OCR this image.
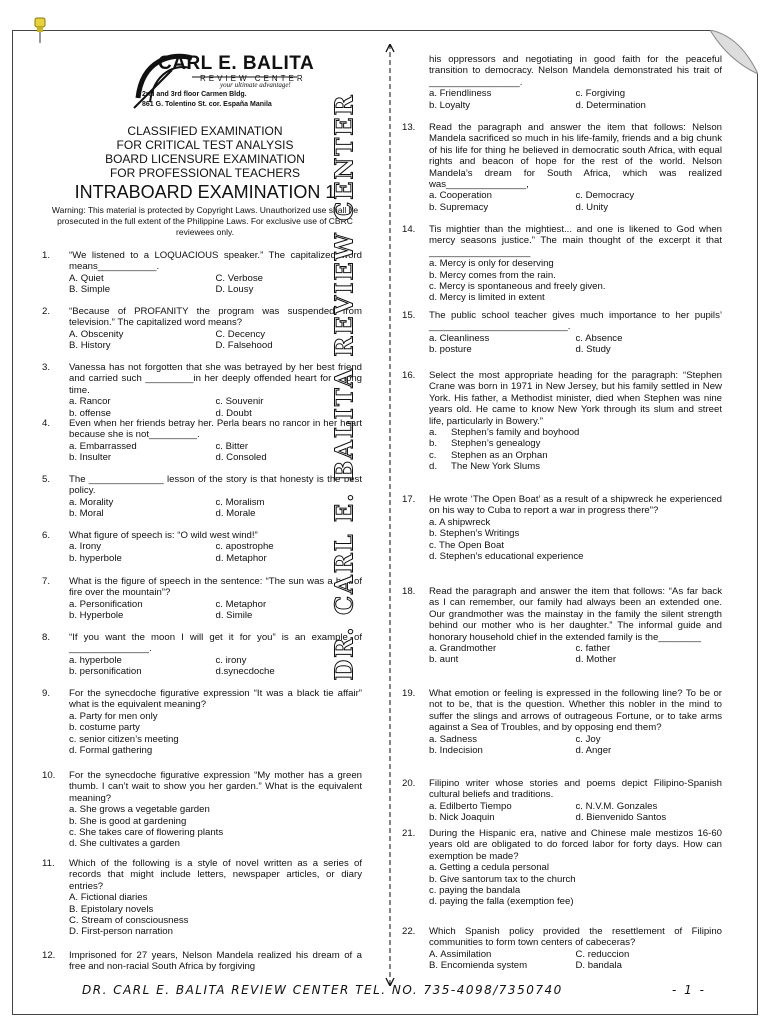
CARL E. BALITA
REVIEW CENTER
your ultimate advantage!
2nd and 3rd floor Carmen Bldg.
861 G. Tolentino St. cor. España Manila
CLASSIFIED EXAMINATION
FOR CRITICAL TEST ANALYSIS
BOARD LICENSURE EXAMINATION
FOR PROFESSIONAL TEACHERS
INTRABOARD EXAMINATION 1
Warning: This material is protected by Copyright Laws. Unauthorized use shall be prosecuted in the full extent of the Philippine Laws. For exclusive use of CBRC reviewees only.
1.	“We listened to a LOQUACIOUS speaker.” The capitalized word means___________.
A. Quiet	C. Verbose
B. Simple	D. Lousy
2.	“Because of PROFANITY the program was suspended from television.” The capitalized word means?
A. Obscenity	C. Decency
B. History	D. Falsehood
3.	Vanessa has not forgotten that she was betrayed by her best friend and carried such _________in her deeply offended heart for a long time.
a. Rancor	c. Souvenir
b. offense	d. Doubt
4.	Even when her friends betray her. Perla bears no rancor in her heart because she is not_________.
a. Embarrassed	c. Bitter
b. Insulter	d. Consoled
5.	The ______________ lesson of the story is that honesty is the best policy.
a. Morality	c. Moralism
b. Moral	d. Morale
6.	What figure of speech is: “O wild west wind!”
a. Irony	c. apostrophe
b. hyperbole	d. Metaphor
7.	What is the figure of speech in the sentence: “The sun was a ball of fire over the mountain”?
a. Personification	c. Metaphor
b. Hyperbole	d. Simile
8.	“If you want the moon I will get it for you” is an example of _______________.
a. hyperbole	c. irony
b. personification	d.synecdoche
9.	For the synecdoche figurative expression “It was a black tie affair” what is the equivalent meaning?
a. Party for men only
b. costume party
c. senior citizen’s meeting
d. Formal gathering
10.	For the synecdoche figurative expression “My mother has a green thumb. I can’t wait to show you her garden.” What is the equivalent meaning?
a. She grows a vegetable garden
b. She is good at gardening
c. She takes care of flowering plants
d. She cultivates a garden
11.	Which of the following is a style of novel written as a series of records that might include letters, newspaper articles, or diary entries?
A. Fictional diaries
B. Epistolary novels
C. Stream of consciousness
D. First-person narration
12.	Imprisoned for 27 years, Nelson Mandela realized his dream of a free and non-racial South Africa by forgiving
his oppressors and negotiating in good faith for the peaceful transition to democracy. Nelson Mandela demonstrated his trait of _________________.
a. Friendliness	c. Forgiving
b. Loyalty	d. Determination
13.	Read the paragraph and answer the item that follows: Nelson Mandela sacrificed so much in his life-family, friends and a big chunk of his life for thing he believed in democratic south Africa, with equal rights and beacon of hope for the rest of the world. Nelson Mandela’s dream for South Africa, which was realized was_______________,
a. Cooperation	c. Democracy
b. Supremacy	d. Unity
14.	Tis mightier than the mightiest... and one is likened to God when mercy seasons justice.” The main thought of the excerpt it that ___________________
a. Mercy is only for deserving
b. Mercy comes from the rain.
c. Mercy is spontaneous and freely given.
d. Mercy is limited in extent
15.	The public school teacher gives much importance to her pupils’ __________________________.
a. Cleanliness	c. Absence
b. posture	d. Study
16.	Select the most appropriate heading for the paragraph: “Stephen Crane was born in 1971 in New Jersey, but his family settled in New York. His father, a Methodist minister, died when Stephen was nine years old. He came to know New York through its slum and street life, particularly in Bowery.”
a.	Stephen’s family and boyhood
b.	Stephen’s genealogy
c.	Stephen as an Orphan
d.	The New York Slums
17.	He wrote ‘The Open Boat’ as a result of a shipwreck he experienced on his way to Cuba to report a war in progress there”?
a. A shipwreck
b. Stephen’s Writings
c. The Open Boat
d. Stephen’s educational experience
18.	Read the paragraph and answer the item that follows: “As far back as I can remember, our family had always been an extended one. Our grandmother was the mainstay in the family the silent strength behind our mother who is her daughter.” The informal guide and honorary household chief in the extended family is the________
a. Grandmother	c. father
b. aunt	d. Mother
19.	What emotion or feeling is expressed in the following line? To be or not to be, that is the question. Whether this nobler in the mind to suffer the slings and arrows of outrageous Fortune, or to take arms against a Sea of Troubles, and by opposing end them?
a. Sadness	c. Joy
b. Indecision	d. Anger
20.	Filipino writer whose stories and poems depict Filipino-Spanish cultural beliefs and traditions.
a. Edilberto Tiempo	c. N.V.M. Gonzales
b. Nick Joaquin	d. Bienvenido Santos
21.	During the Hispanic era, native and Chinese male mestizos 16-60 years old are obligated to do forced labor for forty days. How can exemption be made?
a. Getting a cedula personal
b. Give santorum tax to the church
c. paying the bandala
d. paying the falla (exemption fee)
22.	Which Spanish policy provided the resettlement of Filipino communities to form town centers of cabeceras?
A. Assimilation	C. reduccion
B. Encomienda system	D. bandala
DR. CARL E. BALITA REVIEW CENTER
DR. CARL E. BALITA REVIEW CENTER TEL. NO. 735-4098/7350740	- 1 -
